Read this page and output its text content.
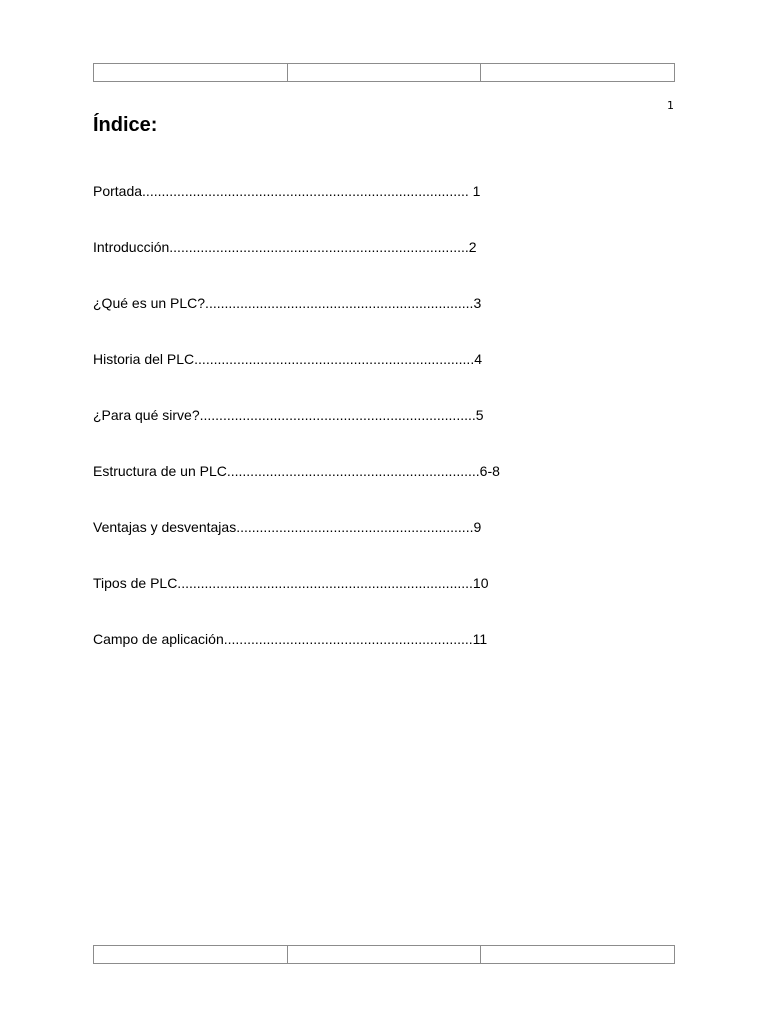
1
Índice:
Portada.................................................................................... 1
Introducción.............................................................................2
¿Qué es un PLC?.....................................................................3
Historia del PLC........................................................................4
¿Para qué sirve?.......................................................................5
Estructura de un PLC.................................................................6-8
Ventajas y desventajas.............................................................9
Tipos de PLC............................................................................10
Campo de aplicación................................................................11
